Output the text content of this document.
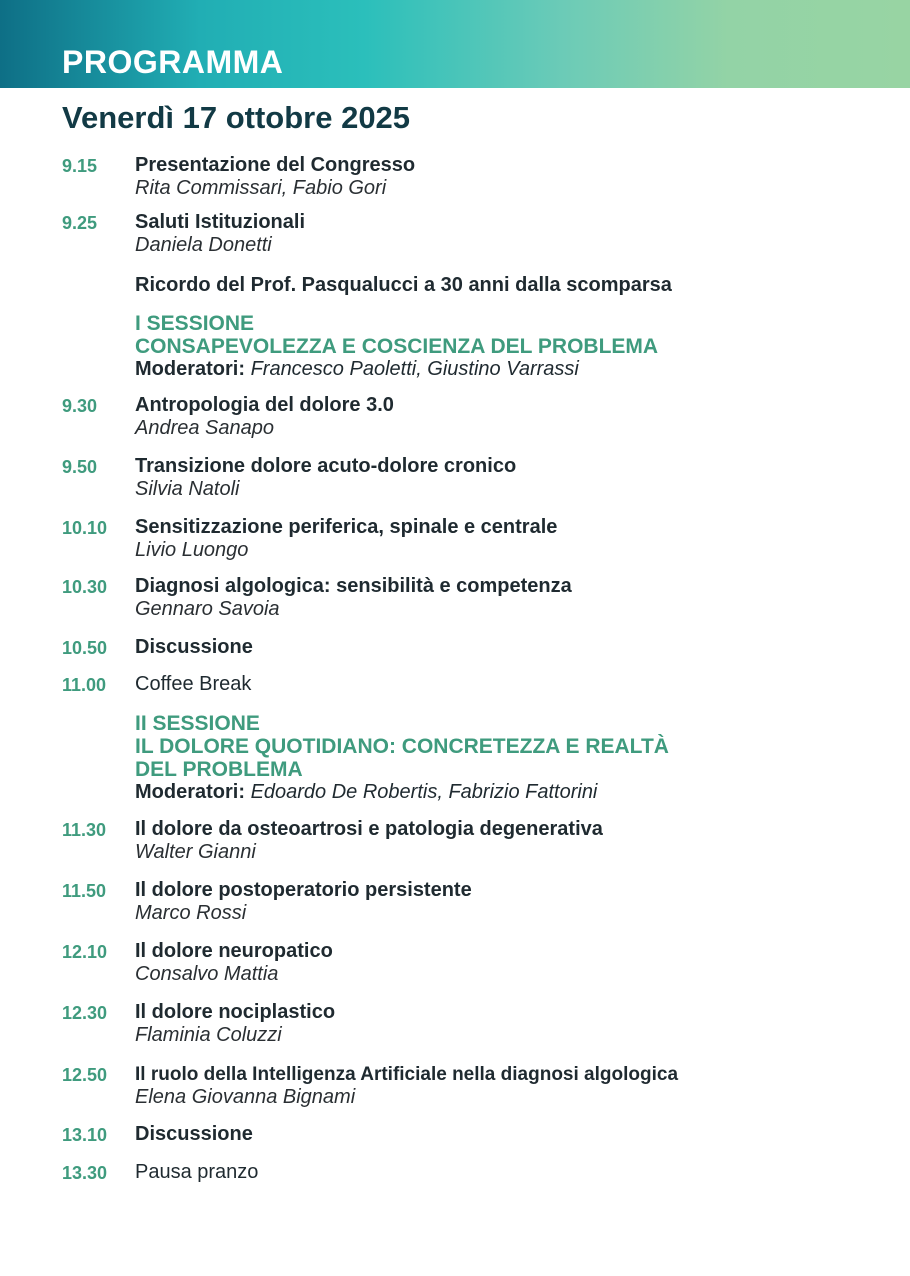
PROGRAMMA
Venerdì 17 ottobre 2025
9.15 Presentazione del Congresso
Rita Commissari, Fabio Gori
9.25 Saluti Istituzionali
Daniela Donetti
Ricordo del Prof. Pasqualucci a 30 anni dalla scomparsa
I SESSIONE
CONSAPEVOLEZZA E COSCIENZA DEL PROBLEMA
Moderatori: Francesco Paoletti, Giustino Varrassi
9.30 Antropologia del dolore 3.0
Andrea Sanapo
9.50 Transizione dolore acuto-dolore cronico
Silvia Natoli
10.10 Sensitizzazione periferica, spinale e centrale
Livio Luongo
10.30 Diagnosi algologica: sensibilità e competenza
Gennaro Savoia
10.50 Discussione
11.00 Coffee Break
II SESSIONE
IL DOLORE QUOTIDIANO: CONCRETEZZA E REALTÀ
DEL PROBLEMA
Moderatori: Edoardo De Robertis, Fabrizio Fattorini
11.30 Il dolore da osteoartrosi e patologia degenerativa
Walter Gianni
11.50 Il dolore postoperatorio persistente
Marco Rossi
12.10 Il dolore neuropatico
Consalvo Mattia
12.30 Il dolore nociplastico
Flaminia Coluzzi
12.50 Il ruolo della Intelligenza Artificiale nella diagnosi algologica
Elena Giovanna Bignami
13.10 Discussione
13.30 Pausa pranzo
